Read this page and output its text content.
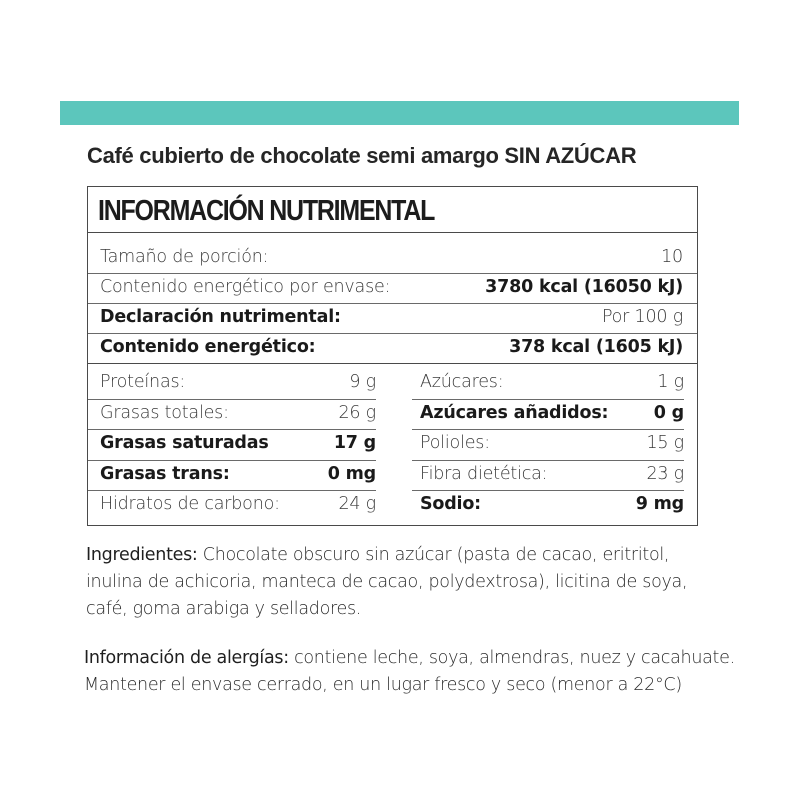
Café cubierto de chocolate semi amargo SIN AZÚCAR
INFORMACIÓN NUTRIMENTAL
Tamaño de porción:	10
Contenido energético por envase:	3780 kcal (16050 kJ)
Declaración nutrimental:	Por 100 g
Contenido energético:	378 kcal (1605 kJ)
Proteínas:	9 g
Grasas totales:	26 g
Grasas saturadas	17 g
Grasas trans:	0 mg
Hidratos de carbono:	24 g
Azúcares:	1 g
Azúcares añadidos:	0 g
Polioles:	15 g
Fibra dietética:	23 g
Sodio:	9 mg

Ingredientes: Chocolate obscuro sin azúcar (pasta de cacao, eritritol,

inulina de achicoria, manteca de cacao, polydextrosa), licitina de soya,

café, goma arabiga y selladores.

Información de alergías: contiene leche, soya, almendras, nuez y cacahuate.

Mantener el envase cerrado, en un lugar fresco y seco (menor a 22°C)
